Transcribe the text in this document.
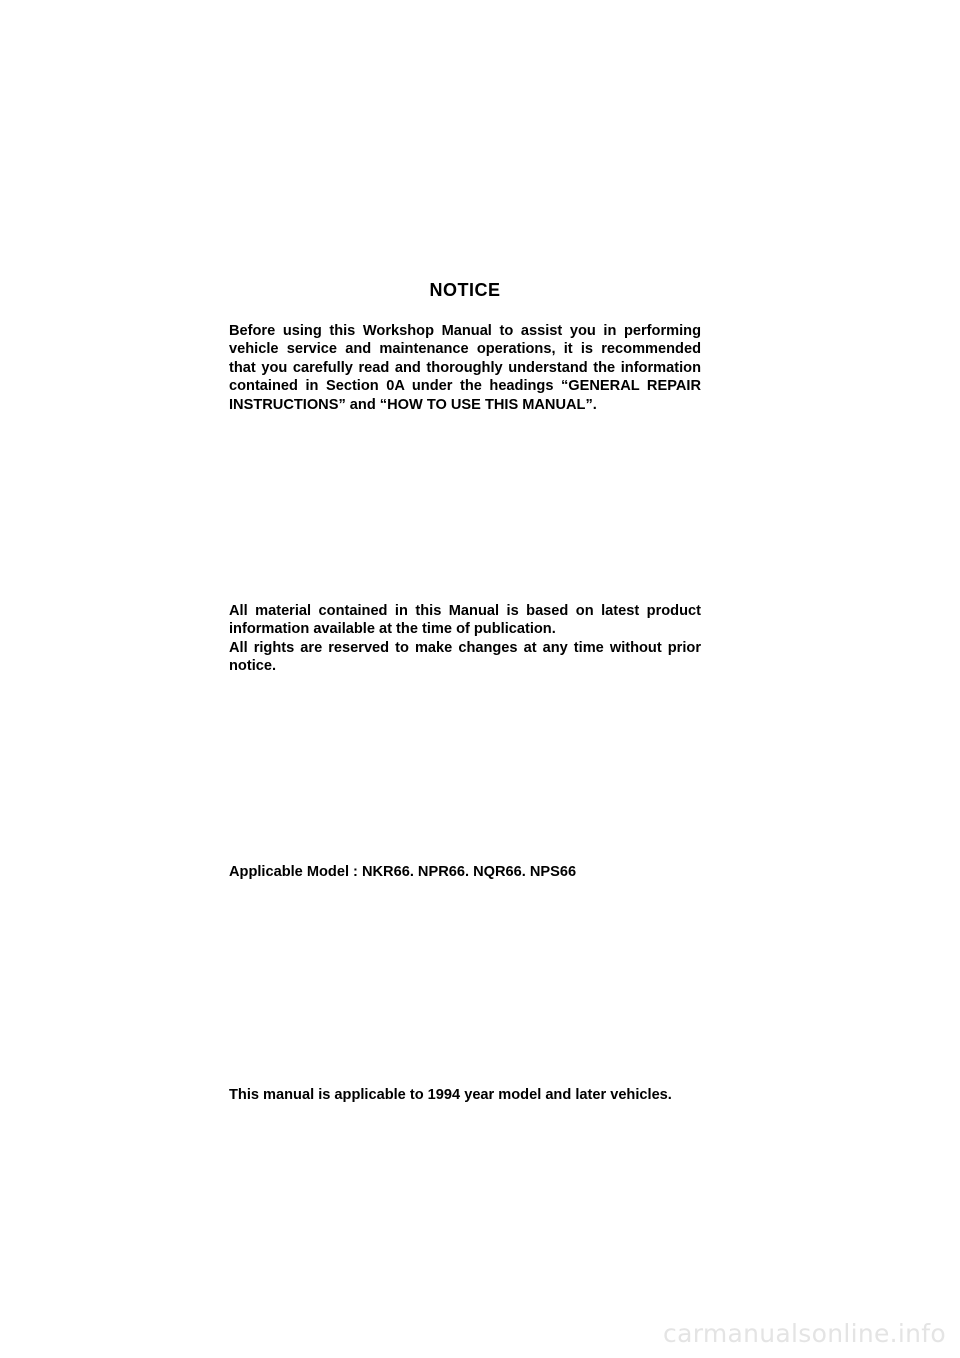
NOTICE

Before using this Workshop Manual to assist you in performing vehicle service and maintenance operations, it is recommended that you carefully read and thoroughly understand the information contained in Section 0A under the headings “GENERAL REPAIR INSTRUCTIONS” and “HOW TO USE THIS MANUAL”.

All material contained in this Manual is based on latest product information available at the time of publication.

All rights are reserved to make changes at any time without prior notice.

Applicable Model : NKR66. NPR66. NQR66. NPS66
This manual is applicable to 1994 year model and later vehicles.
carmanualsonline.info
